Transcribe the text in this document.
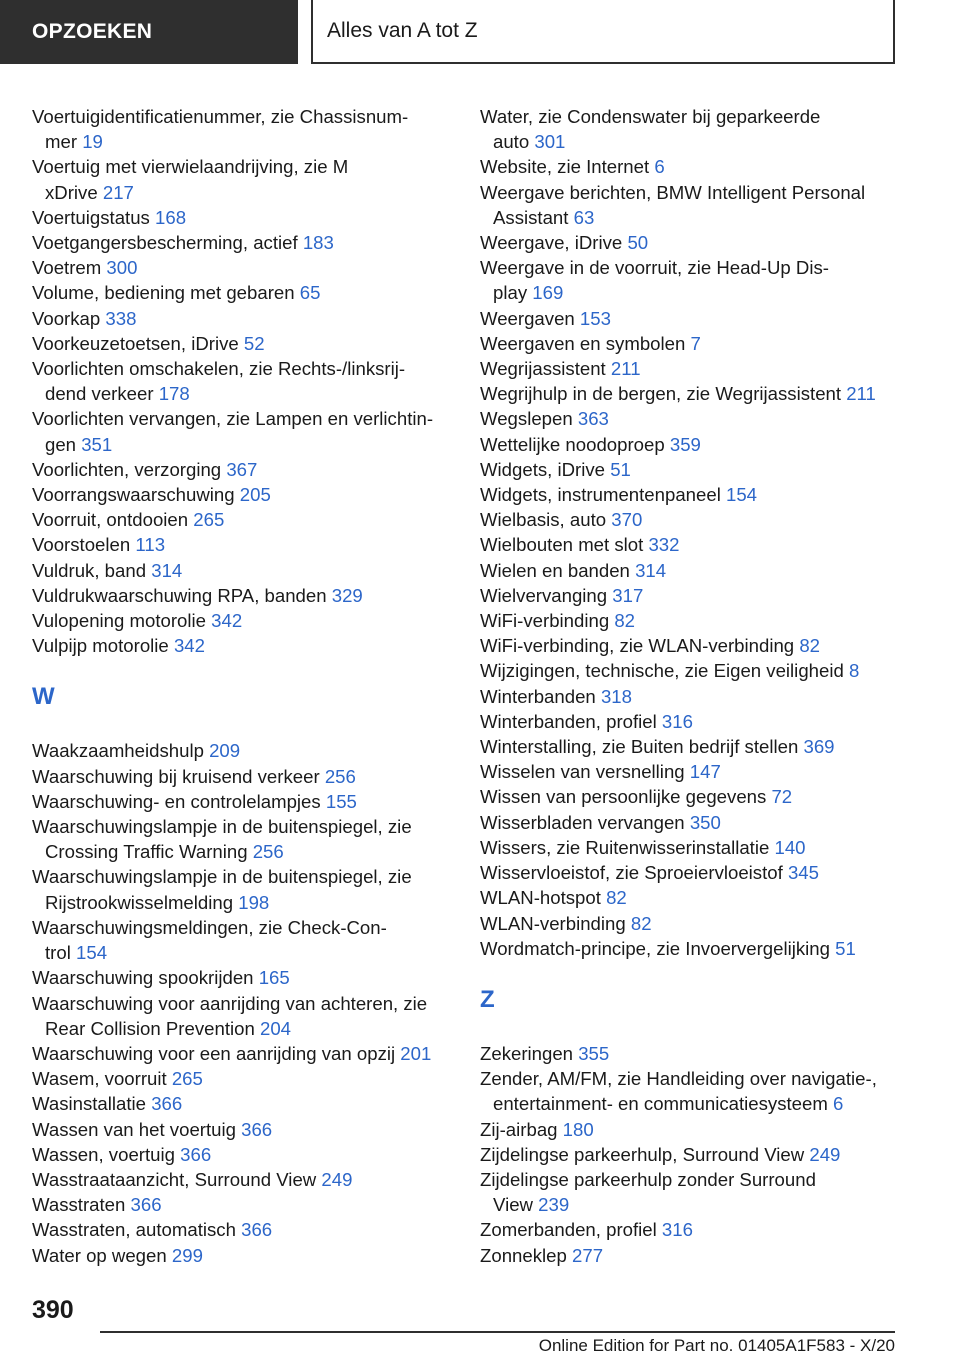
OPZOEKEN	Alles van A tot Z

Voertuigidentificatienummer, zie Chassisnum‐
mer 19

Voertuig met vierwielaandrijving, zie M
xDrive 217

Voertuigstatus 168

Voetgangersbescherming, actief 183

Voetrem 300

Volume, bediening met gebaren 65

Voorkap 338

Voorkeuzetoetsen, iDrive 52

Voorlichten omschakelen, zie Rechts-/linksrij‐
dend verkeer 178

Voorlichten vervangen, zie Lampen en verlichtin‐
gen 351

Voorlichten, verzorging 367

Voorrangswaarschuwing 205

Voorruit, ontdooien 265

Voorstoelen 113

Vuldruk, band 314

Vuldrukwaarschuwing RPA, banden 329

Vulopening motorolie 342

Vulpijp motorolie 342

W

Waakzaamheidshulp 209

Waarschuwing bij kruisend verkeer 256

Waarschuwing- en controlelampjes 155

Waarschuwingslampje in de buitenspiegel, zie
Crossing Traffic Warning 256

Waarschuwingslampje in de buitenspiegel, zie
Rijstrookwisselmelding 198

Waarschuwingsmeldingen, zie Check-Con‐
trol 154

Waarschuwing spookrijden 165

Waarschuwing voor aanrijding van achteren, zie
Rear Collision Prevention 204

Waarschuwing voor een aanrijding van opzij 201

Wasem, voorruit 265

Wasinstallatie 366

Wassen van het voertuig 366

Wassen, voertuig 366

Wasstraataanzicht, Surround View 249

Wasstraten 366

Wasstraten, automatisch 366

Water op wegen 299

Water, zie Condenswater bij geparkeerde
auto 301

Website, zie Internet 6

Weergave berichten, BMW Intelligent Personal
Assistant 63

Weergave, iDrive 50

Weergave in de voorruit, zie Head-Up Dis‐
play 169

Weergaven 153

Weergaven en symbolen 7

Wegrijassistent 211

Wegrijhulp in de bergen, zie Wegrijassistent 211

Wegslepen 363

Wettelijke noodoproep 359

Widgets, iDrive 51

Widgets, instrumentenpaneel 154

Wielbasis, auto 370

Wielbouten met slot 332

Wielen en banden 314

Wielvervanging 317

WiFi-verbinding 82

WiFi-verbinding, zie WLAN-verbinding 82

Wijzigingen, technische, zie Eigen veiligheid 8

Winterbanden 318

Winterbanden, profiel 316

Winterstalling, zie Buiten bedrijf stellen 369

Wisselen van versnelling 147

Wissen van persoonlijke gegevens 72

Wisserbladen vervangen 350

Wissers, zie Ruitenwisserinstallatie 140

Wisservloeistof, zie Sproeiervloeistof 345

WLAN-hotspot 82

WLAN-verbinding 82

Wordmatch-principe, zie Invoervergelijking 51

Z

Zekeringen 355

Zender, AM/FM, zie Handleiding over navigatie-,
entertainment- en communicatiesysteem 6

Zij-airbag 180

Zijdelingse parkeerhulp, Surround View 249

Zijdelingse parkeerhulp zonder Surround
View 239

Zomerbanden, profiel 316

Zonneklep 277

390
Online Edition for Part no. 01405A1F583 - X/20
